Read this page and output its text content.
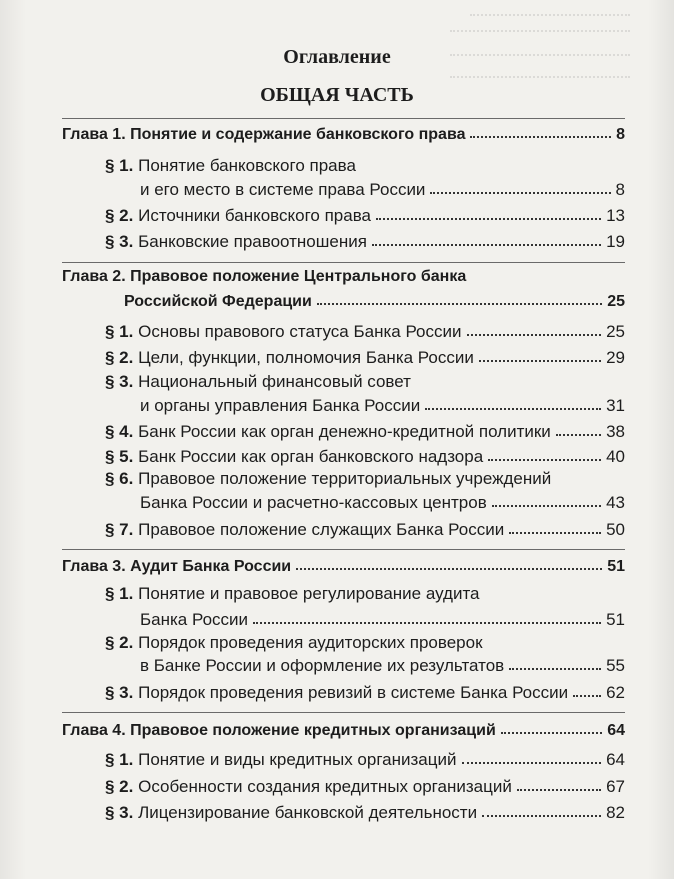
Оглавление
ОБЩАЯ ЧАСТЬ
Глава 1. Понятие и содержание банковского права	8
§ 1. Понятие банковского права
и его место в системе права России	8
§ 2. Источники банковского права	13
§ 3. Банковские правоотношения	19
Глава 2. Правовое положение Центрального банка
Российской Федерации	25
§ 1. Основы правового статуса Банка России	25
§ 2. Цели, функции, полномочия Банка России	29
§ 3. Национальный финансовый совет
и органы управления Банка России	31
§ 4. Банк России как орган денежно-кредитной политики	38
§ 5. Банк России как орган банковского надзора	40
§ 6. Правовое положение территориальных учреждений
Банка России и расчетно-кассовых центров	43
§ 7. Правовое положение служащих Банка России	50
Глава 3. Аудит Банка России	51
§ 1. Понятие и правовое регулирование аудита
Банка России	51
§ 2. Порядок проведения аудиторских проверок
в Банке России и оформление их результатов	55
§ 3. Порядок проведения ревизий в системе Банка России 62
Глава 4. Правовое положение кредитных организаций	64
§ 1. Понятие и виды кредитных организаций	64
§ 2. Особенности создания кредитных организаций	67
§ 3. Лицензирование банковской деятельности	82
